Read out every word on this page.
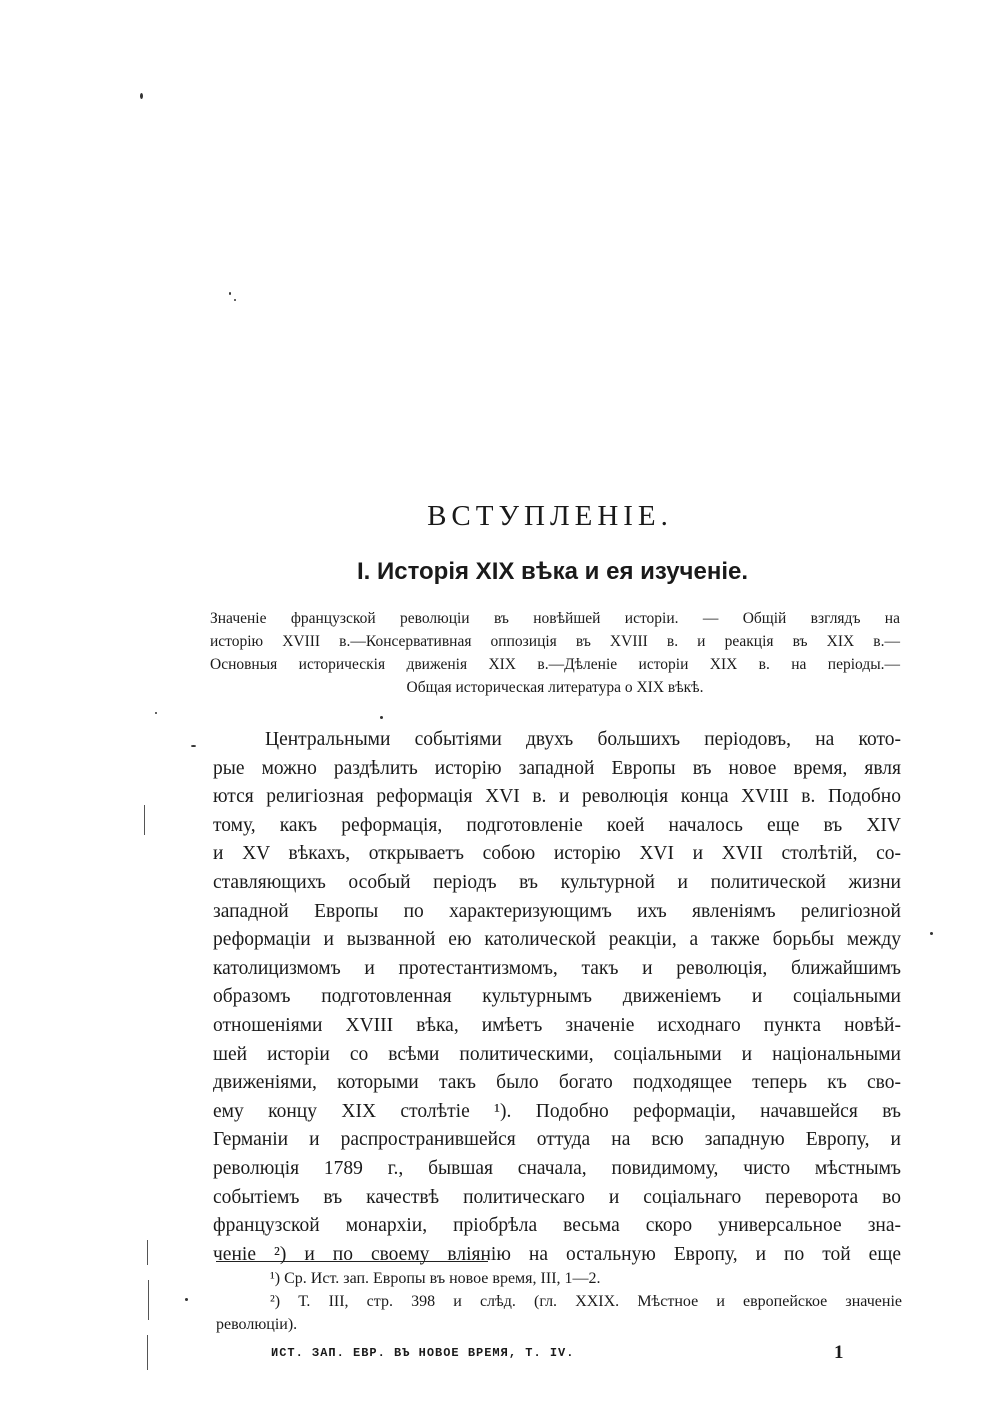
ВСТУПЛЕНІЕ.
I. Исторія XIX вѣка и ея изученіе.
Значеніе французской революціи въ новѣйшей исторіи. — Общій взглядъ на
исторію XVIII в.—Консервативная оппозиція въ XVIII в. и реакція въ XIX в.—
Основныя историческія движенія XIX в.—Дѣленіе исторіи XIX в. на періоды.—
Общая историческая литература о XIX вѣкѣ.
Центральными событіями двухъ большихъ періодовъ, на кото-
рые можно раздѣлить исторію западной Европы въ новое время, явля
ются религіозная реформація XVI в. и революція конца XVIII в. Подобно
тому, какъ реформація, подготовленіе коей началось еще въ XIV
и XV вѣкахъ, открываетъ собою исторію XVI и XVII столѣтій, со-
ставляющихъ особый періодъ въ культурной и политической жизни
западной Европы по характеризующимъ ихъ явленіямъ религіозной
реформаціи и вызванной ею католической реакціи, а также борьбы между
католицизмомъ и протестантизмомъ, такъ и революція, ближайшимъ
образомъ подготовленная культурнымъ движеніемъ и соціальными
отношеніями XVIII вѣка, имѣетъ значеніе исходнаго пункта новѣй-
шей исторіи со всѣми политическими, соціальными и національными
движеніями, которыми такъ было богато подходящее теперь къ сво-
ему концу XIX столѣтіе ¹). Подобно реформаціи, начавшейся въ
Германіи и распространившейся оттуда на всю западную Европу, и
революція 1789 г., бывшая сначала, повидимому, чисто мѣстнымъ
событіемъ въ качествѣ политическаго и соціальнаго переворота во
французской монархіи, пріобрѣла весьма скоро универсальное зна-
ченіе ²) и по своему вліянію на остальную Европу, и по той еще
¹) Ср. Ист. зап. Европы въ новое время, III, 1—2.
²) Т. III, стр. 398 и слѣд. (гл. XXIX. Мѣстное и европейское значеніе
революціи).
ИСТ. ЗАП. ЕВР. ВЪ НОВОЕ ВРЕМЯ, Т. IV.	1
